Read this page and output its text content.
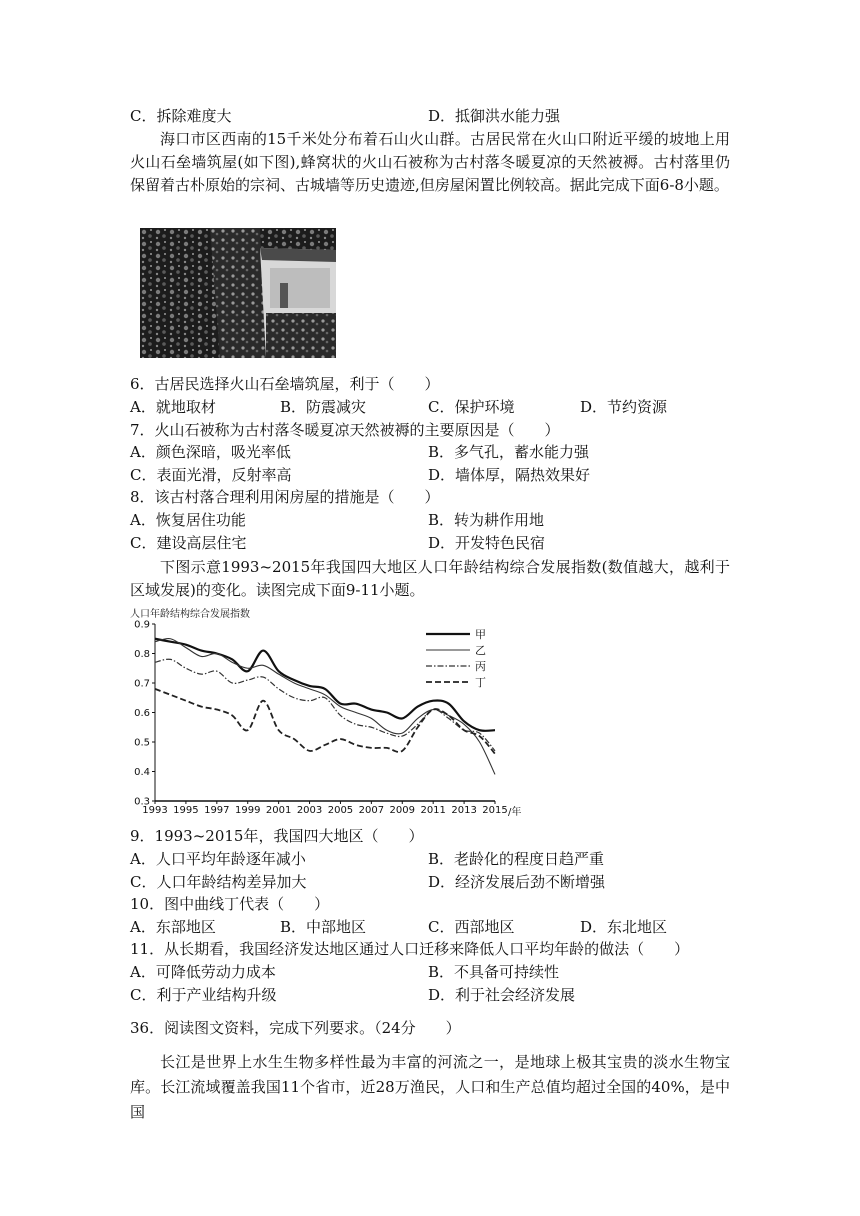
C．拆除难度大	D．抵御洪水能力强
海口市区西南的15千米处分布着石山火山群。古居民常在火山口附近平缓的坡地上用火山石垒墙筑屋(如下图),蜂窝状的火山石被称为古村落冬暖夏凉的天然被褥。古村落里仍保留着古朴原始的宗祠、古城墙等历史遗迹,但房屋闲置比例较高。据此完成下面6-8小题。
6．古居民选择火山石垒墙筑屋，利于（　　）
A．就地取材	B．防震减灾	C．保护环境	D．节约资源
7．火山石被称为古村落冬暖夏凉天然被褥的主要原因是（　　）
A．颜色深暗，吸光率低	B．多气孔，蓄水能力强
C．表面光滑，反射率高	D．墙体厚，隔热效果好
8．该古村落合理利用闲房屋的措施是（　　）
A．恢复居住功能	B．转为耕作用地
C．建设高层住宅	D．开发特色民宿
下图示意1993~2015年我国四大地区人口年龄结构综合发展指数(数值越大，越利于区域发展)的变化。读图完成下面9-11小题。
人口年龄结构综合发展指数
0.3
0.4
0.5
0.6
0.7
0.8
0.9
1993 1995 1997 1999 2001 2003 2005 2007 2009 2011 2013 2015
甲
乙
丙
丁
/年
9．1993~2015年，我国四大地区（　　）
A．人口平均年龄逐年减小	B．老龄化的程度日趋严重
C．人口年龄结构差异加大	D．经济发展后劲不断增强
10．图中曲线丁代表（　　）
A．东部地区	B．中部地区	C．西部地区	D．东北地区
11．从长期看，我国经济发达地区通过人口迁移来降低人口平均年龄的做法（　　）
A．可降低劳动力成本	B．不具备可持续性
C．利于产业结构升级	D．利于社会经济发展
36．阅读图文资料，完成下列要求。（24分　　）
长江是世界上水生生物多样性最为丰富的河流之一，是地球上极其宝贵的淡水生物宝库。长江流域覆盖我国11个省市，近28万渔民，人口和生产总值均超过全国的40%，是中国
